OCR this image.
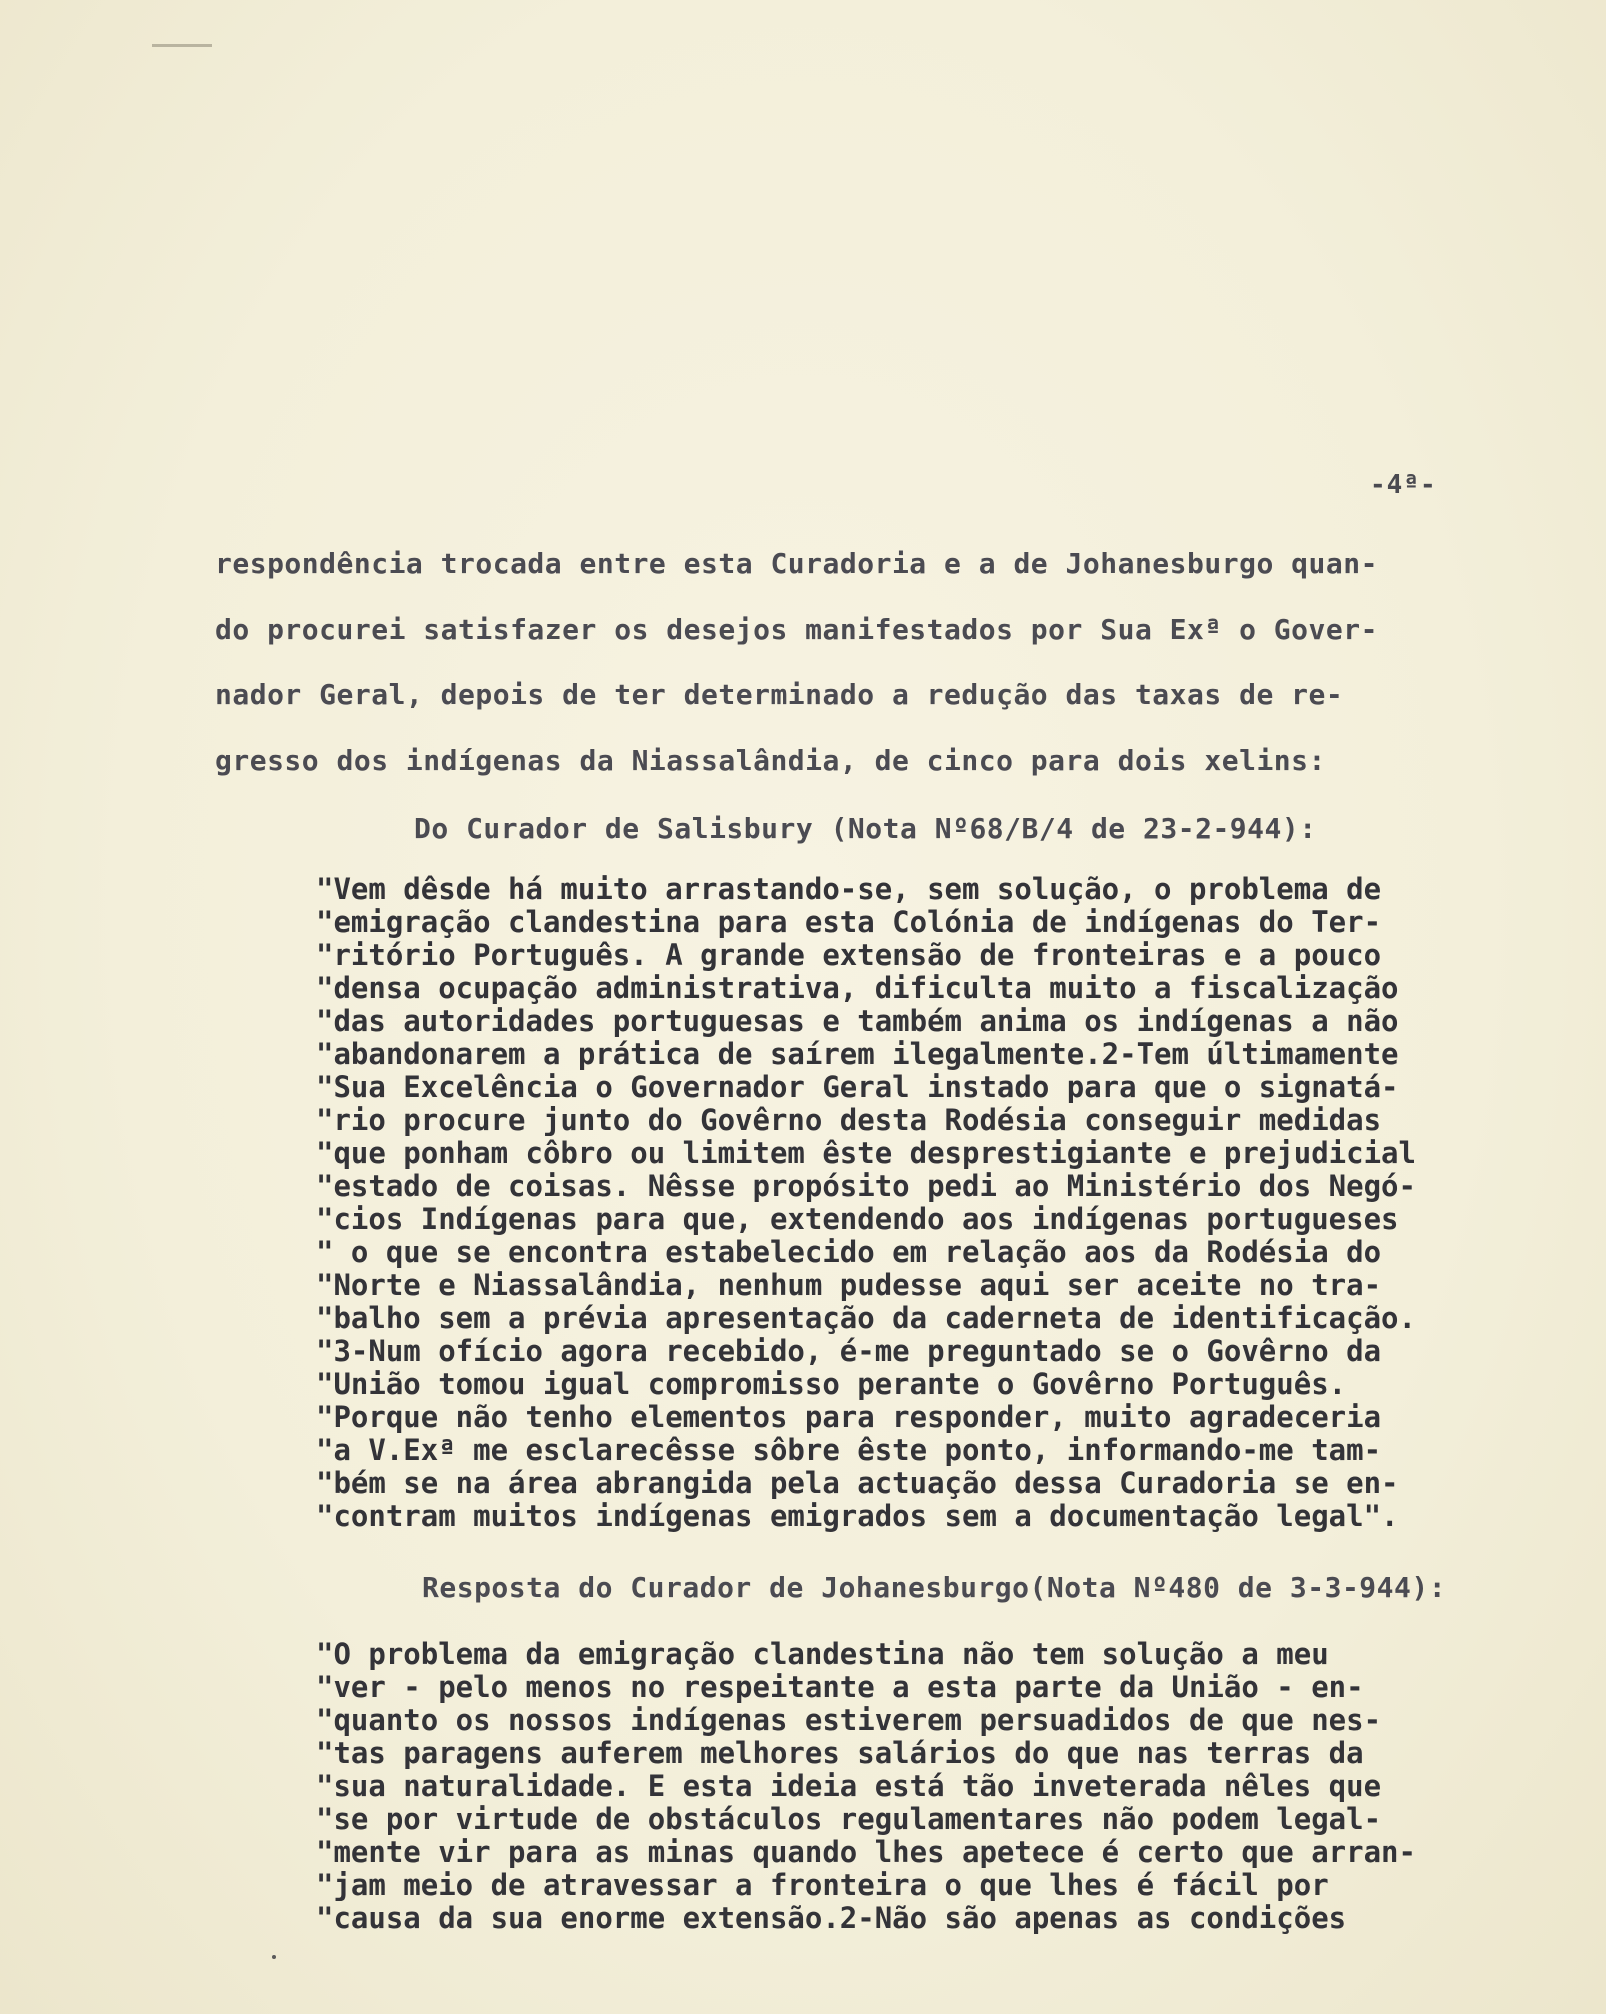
-4ª-
respondência trocada entre esta Curadoria e a de Johanesburgo quan-
do procurei satisfazer os desejos manifestados por Sua Exª o Gover-
nador Geral, depois de ter determinado a redução das taxas de re-
gresso dos indígenas da Niassalândia, de cinco para dois xelins:
Do Curador de Salisbury (Nota Nº68/B/4 de 23-2-944):
"Vem dêsde há muito arrastando-se, sem solução, o problema de
"emigração clandestina para esta Colónia de indígenas do Ter-
"ritório Português. A grande extensão de fronteiras e a pouco
"densa ocupação administrativa, dificulta muito a fiscalização
"das autoridades portuguesas e também anima os indígenas a não
"abandonarem a prática de saírem ilegalmente.2-Tem últimamente
"Sua Excelência o Governador Geral instado para que o signatá-
"rio procure junto do Govêrno desta Rodésia conseguir medidas
"que ponham côbro ou limitem êste desprestigiante e prejudicial
"estado de coisas. Nêsse propósito pedi ao Ministério dos Negó-
"cios Indígenas para que, extendendo aos indígenas portugueses
" o que se encontra estabelecido em relação aos da Rodésia do
"Norte e Niassalândia, nenhum pudesse aqui ser aceite no tra-
"balho sem a prévia apresentação da caderneta de identificação.
"3-Num ofício agora recebido, é-me preguntado se o Govêrno da
"União tomou igual compromisso perante o Govêrno Português.
"Porque não tenho elementos para responder, muito agradeceria
"a V.Exª me esclarecêsse sôbre êste ponto, informando-me tam-
"bém se na área abrangida pela actuação dessa Curadoria se en-
"contram muitos indígenas emigrados sem a documentação legal".
Resposta do Curador de Johanesburgo(Nota Nº480 de 3-3-944):
"O problema da emigração clandestina não tem solução a meu
"ver - pelo menos no respeitante a esta parte da União - en-
"quanto os nossos indígenas estiverem persuadidos de que nes-
"tas paragens auferem melhores salários do que nas terras da
"sua naturalidade. E esta ideia está tão inveterada nêles que
"se por virtude de obstáculos regulamentares não podem legal-
"mente vir para as minas quando lhes apetece é certo que arran-
"jam meio de atravessar a fronteira o que lhes é fácil por
"causa da sua enorme extensão.2-Não são apenas as condições
